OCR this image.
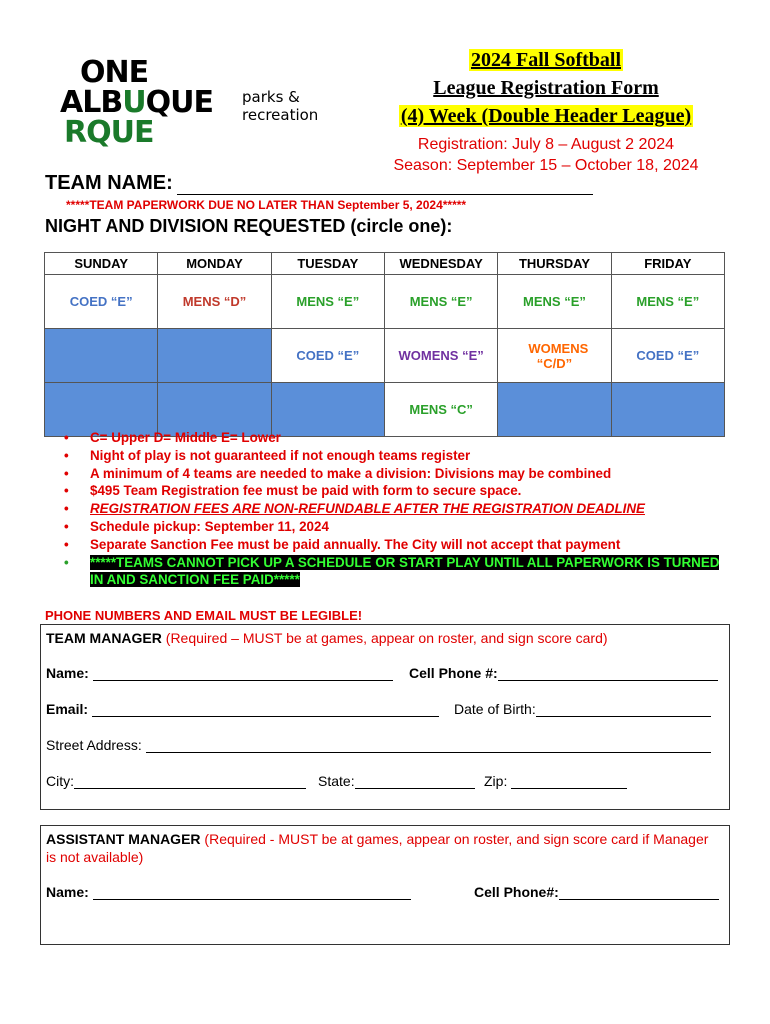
ONE
ALBUQUE
RQUE
parks &
recreation
2024 Fall Softball
League Registration Form
(4) Week (Double Header League)
Registration: July 8 – August 2 2024
Season: September 15 – October 18, 2024
TEAM NAME:
*****TEAM PAPERWORK DUE NO LATER THAN September 5, 2024*****
NIGHT AND DIVISION REQUESTED (circle one):
SUNDAY	MONDAY	TUESDAY	WEDNESDAY	THURSDAY	FRIDAY
COED “E”	MENS “D”	MENS “E”	MENS “E”	MENS “E”	MENS “E”
		COED “E”	WOMENS “E”	WOMENS “C/D”	COED “E”
			MENS “C”		
• C= Upper D= Middle E= Lower
• Night of play is not guaranteed if not enough teams register
• A minimum of 4 teams are needed to make a division: Divisions may be combined
• $495 Team Registration fee must be paid with form to secure space.
• REGISTRATION FEES ARE NON-REFUNDABLE AFTER THE REGISTRATION DEADLINE
• Schedule pickup: September 11, 2024
• Separate Sanction Fee must be paid annually. The City will not accept that payment
• *****TEAMS CANNOT PICK UP A SCHEDULE OR START PLAY UNTIL ALL PAPERWORK IS TURNED IN AND SANCTION FEE PAID*****
PHONE NUMBERS AND EMAIL MUST BE LEGIBLE!
TEAM MANAGER (Required – MUST be at games, appear on roster, and sign score card)
Name:	Cell Phone #:
Email:	Date of Birth:
Street Address:
City:	State:	Zip:
ASSISTANT MANAGER (Required - MUST be at games, appear on roster, and sign score card if Manager is not available)
Name:	Cell Phone#:
